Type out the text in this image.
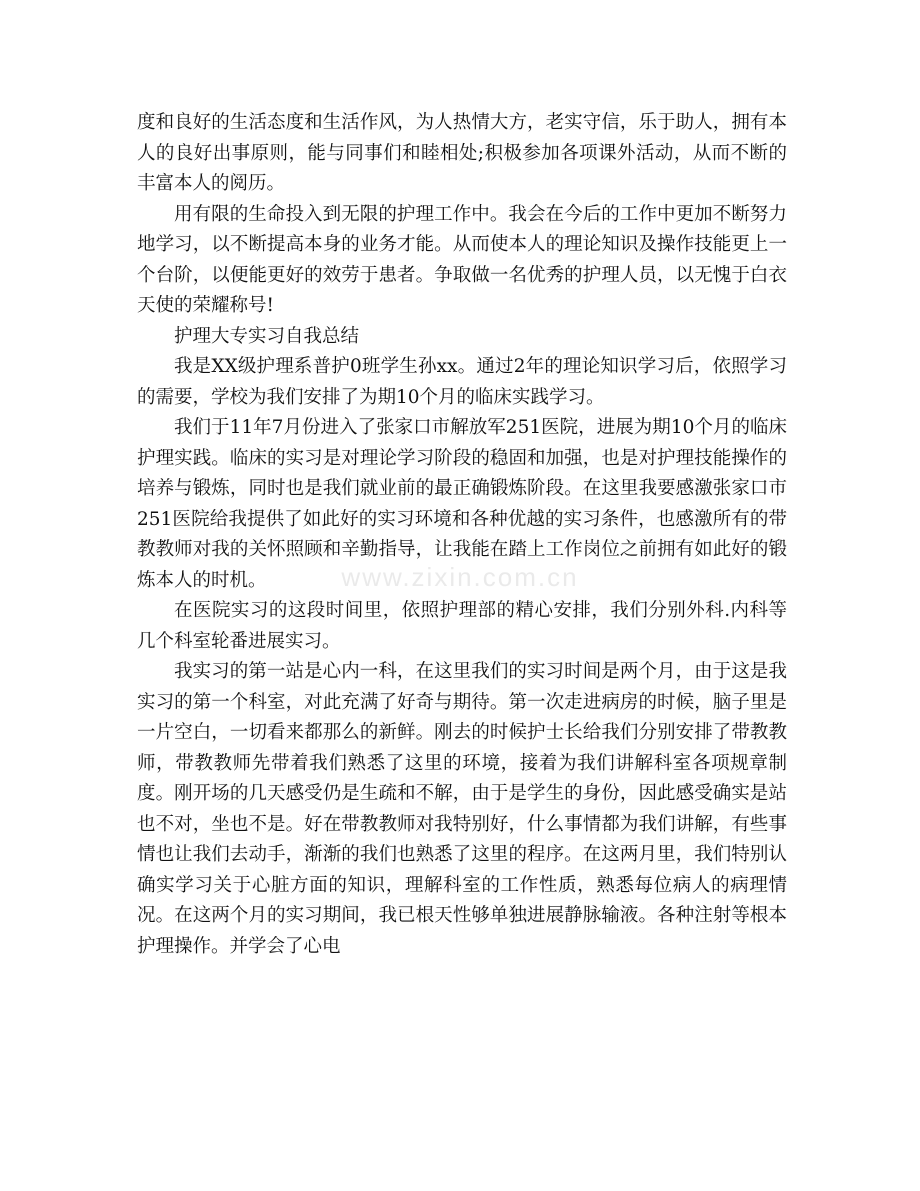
度和良好的生活态度和生活作风，为人热情大方，老实守信，乐于助人，拥有本人的良好出事原则，能与同事们和睦相处;积极参加各项课外活动，从而不断的丰富本人的阅历。

用有限的生命投入到无限的护理工作中。我会在今后的工作中更加不断努力地学习，以不断提高本身的业务才能。从而使本人的理论知识及操作技能更上一个台阶，以便能更好的效劳于患者。争取做一名优秀的护理人员，以无愧于白衣天使的荣耀称号!

护理大专实习自我总结

我是XX级护理系普护0班学生孙xx。通过2年的理论知识学习后，依照学习的需要，学校为我们安排了为期10个月的临床实践学习。

我们于11年7月份进入了张家口市解放军251医院，进展为期10个月的临床护理实践。临床的实习是对理论学习阶段的稳固和加强，也是对护理技能操作的培养与锻炼，同时也是我们就业前的最正确锻炼阶段。在这里我要感激张家口市251医院给我提供了如此好的实习环境和各种优越的实习条件，也感激所有的带教教师对我的关怀照顾和辛勤指导，让我能在踏上工作岗位之前拥有如此好的锻炼本人的时机。

在医院实习的这段时间里，依照护理部的精心安排，我们分别外科.内科等几个科室轮番进展实习。

我实习的第一站是心内一科，在这里我们的实习时间是两个月，由于这是我实习的第一个科室，对此充满了好奇与期待。第一次走进病房的时候，脑子里是一片空白，一切看来都那么的新鲜。刚去的时候护士长给我们分别安排了带教教师，带教教师先带着我们熟悉了这里的环境，接着为我们讲解科室各项规章制度。刚开场的几天感受仍是生疏和不解，由于是学生的身份，因此感受确实是站也不对，坐也不是。好在带教教师对我特别好，什么事情都为我们讲解，有些事情也让我们去动手，渐渐的我们也熟悉了这里的程序。在这两月里，我们特别认确实学习关于心脏方面的知识，理解科室的工作性质，熟悉每位病人的病理情况。在这两个月的实习期间，我已根天性够单独进展静脉输液。各种注射等根本护理操作。并学会了心电

www.zixin.com.cn
